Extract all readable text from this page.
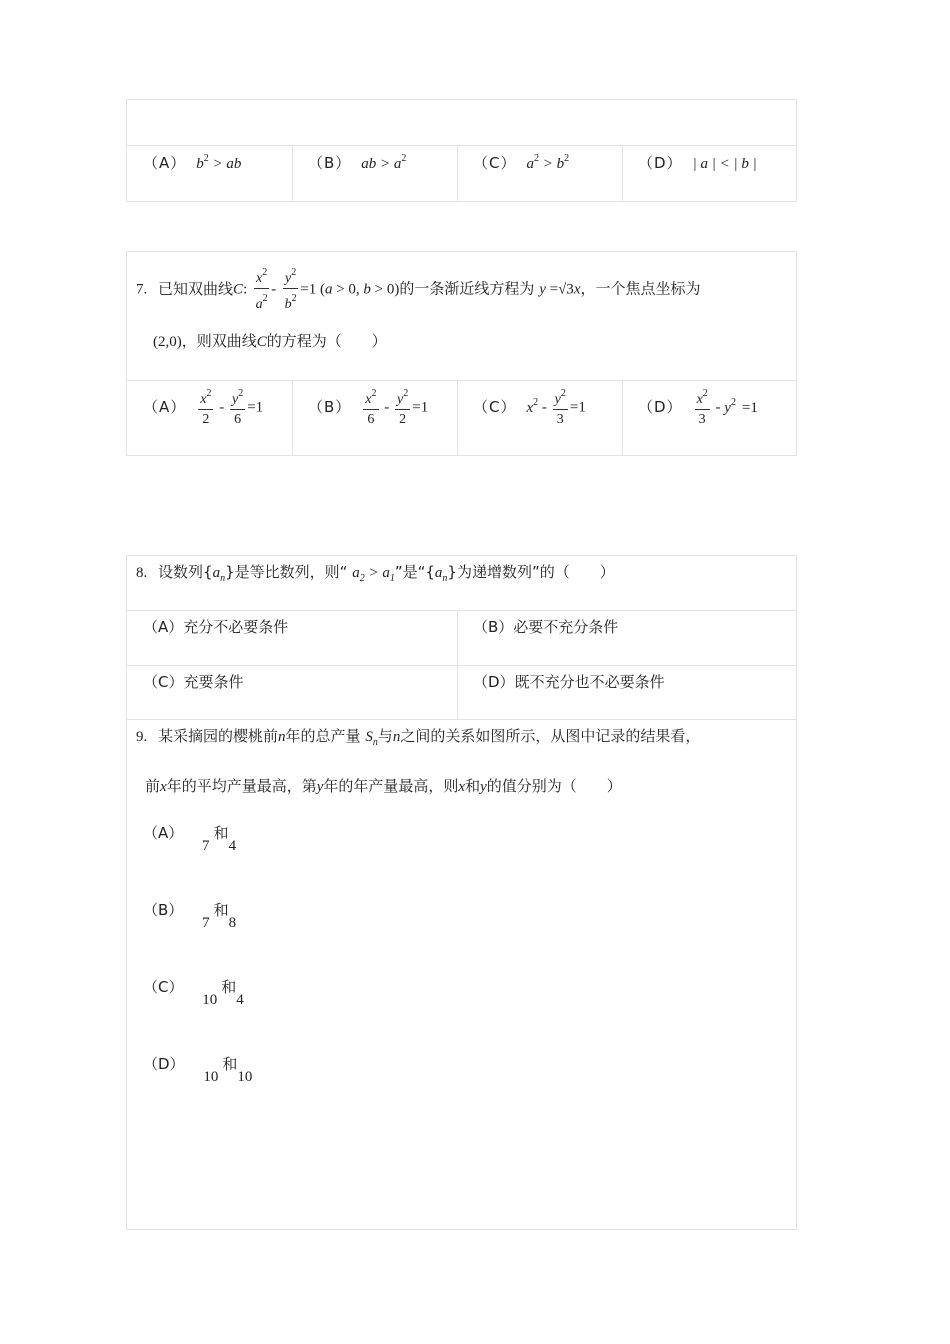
（A） $b^2$ > ab	（B） ab > $a^2$	（C） $a^2 > b^2$	（D） | a | < | b |
7. 已知双曲线C: $\frac{x^2}{a^2} - \frac{y^2}{b^2} =1$ (a > 0, b > 0)的一条渐近线方程为 y =√3x，一个焦点坐标为
(2,0)，则双曲线C的方程为（　　）
$(A) \frac{x^2}{2} - \frac{y^2}{6} =1$	$(B) \frac{x^2}{6} - \frac{y^2}{2} =1$	（C） $x^2 - \frac{y^2}{3} =1$	$(D) \frac{x^2}{3} - y^2 =1$
8. 设数列$\{a_n\}$是等比数列，则“ $a_2 > a_1$”是“$\{a_n\}$为递增数列”的（　　）
（A）充分不必要条件	（B）必要不充分条件
（C）充要条件	（D）既不充分也不必要条件
9. 某采摘园的樱桃前n年的总产量 $S_n$与n之间的关系如图所示，从图中记录的结果看，
前x年的平均产量最高，第y年的年产量最高，则x和y的值分别为（　　）
（A） 7和4
（B） 7和8
（C） 10和4
（D） 10和10
